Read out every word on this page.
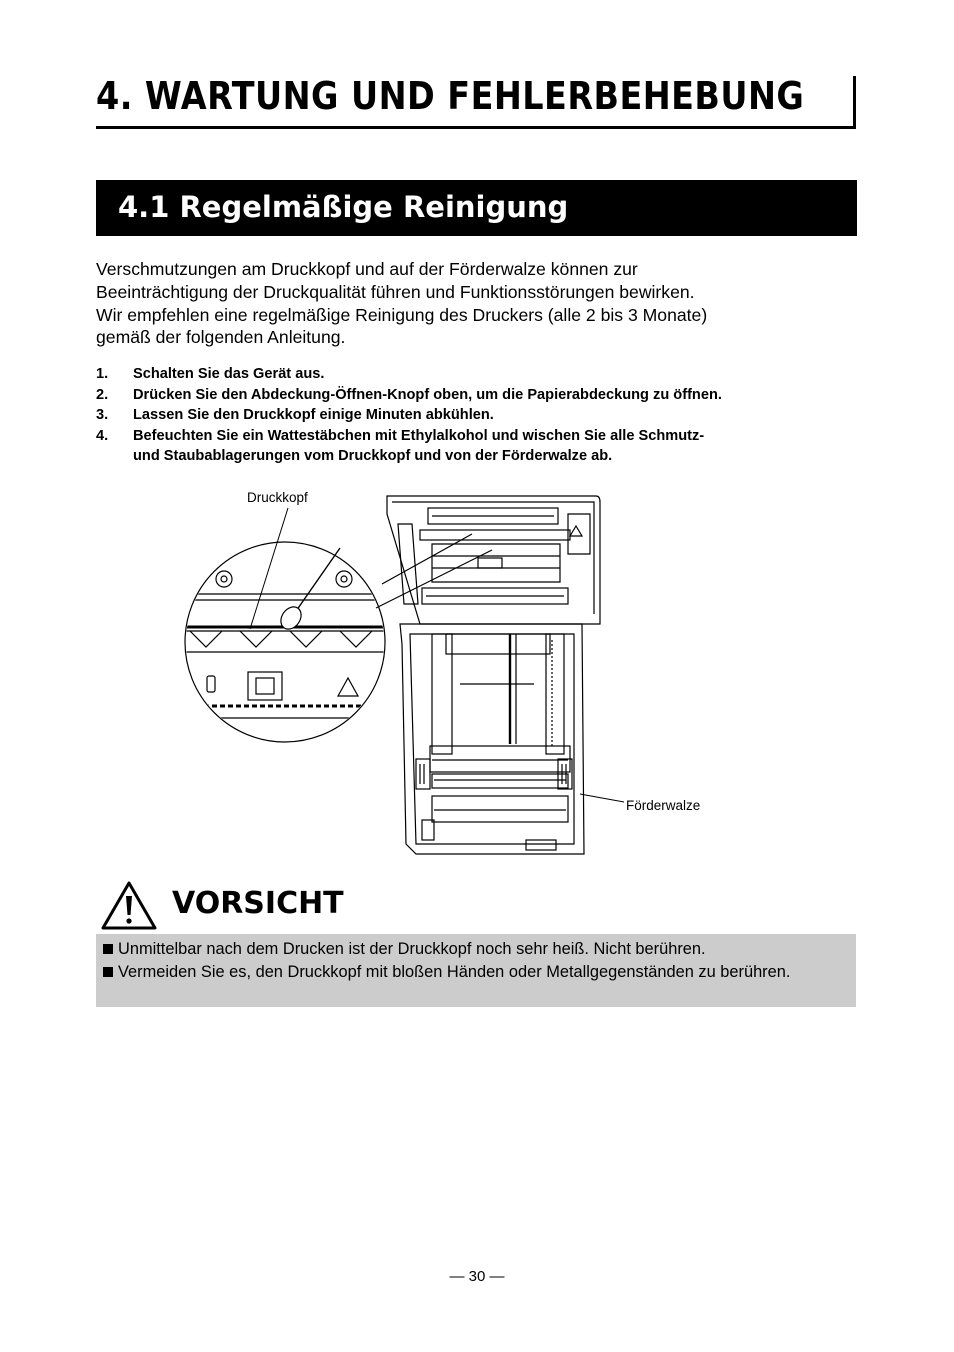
4. WARTUNG UND FEHLERBEHEBUNG
4.1 Regelmäßige Reinigung

Verschmutzungen am Druckkopf und auf der Förderwalze können zur

Beeinträchtigung der Druckqualität führen und Funktionsstörungen bewirken.

Wir empfehlen eine regelmäßige Reinigung des Druckers (alle 2 bis 3 Monate)

gemäß der folgenden Anleitung.

1. Schalten Sie das Gerät aus.
2. Drücken Sie den Abdeckung-Öffnen-Knopf oben, um die Papierabdeckung zu öffnen.
3. Lassen Sie den Druckkopf einige Minuten abkühlen.
4. Befeuchten Sie ein Wattestäbchen mit Ethylalkohol und wischen Sie alle Schmutz-
und Staubablagerungen vom Druckkopf und von der Förderwalze ab.
Druckkopf
Förderwalze
VORSICHT
Unmittelbar nach dem Drucken ist der Druckkopf noch sehr heiß. Nicht berühren.
Vermeiden Sie es, den Druckkopf mit bloßen Händen oder Metallgegenständen zu berühren.
— 30 —
